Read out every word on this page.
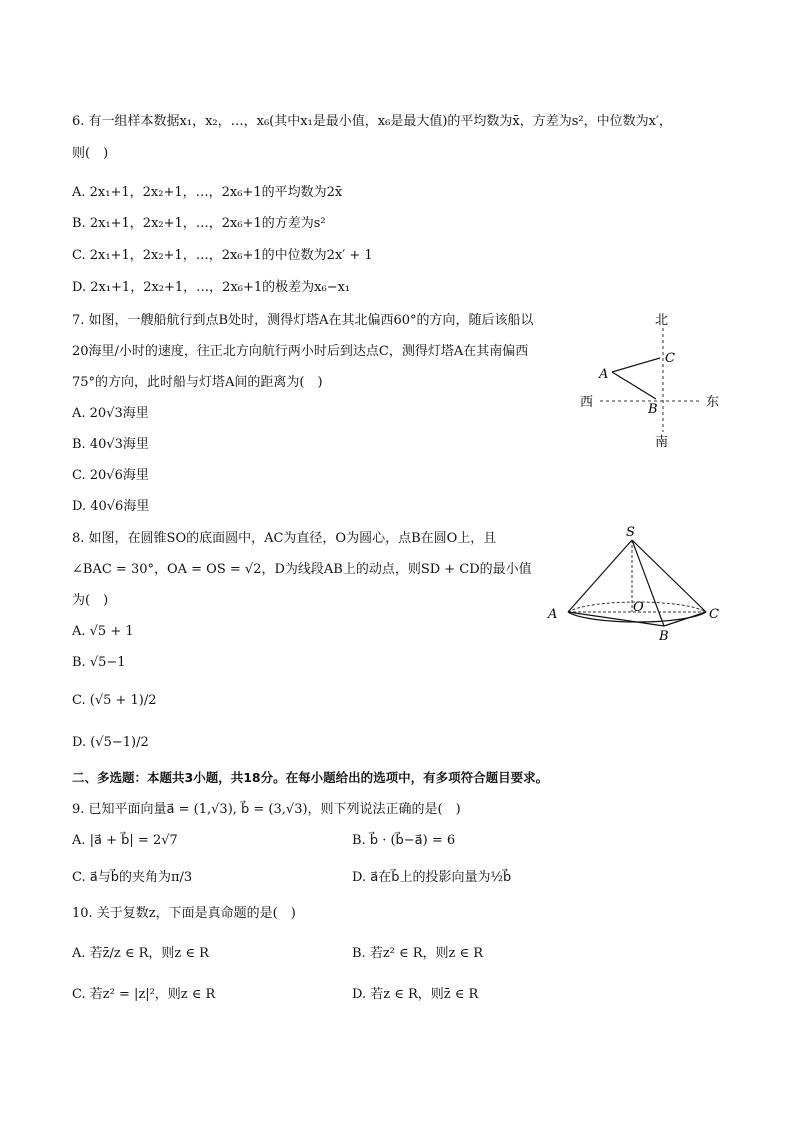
6. 有一组样本数据x₁，x₂，…，x₆(其中x₁是最小值，x₆是最大值)的平均数为x̄，方差为s²，中位数为x′，
则(　)
A. 2x₁+1，2x₂+1，…，2x₆+1的平均数为2x̄
B. 2x₁+1，2x₂+1，…，2x₆+1的方差为s²
C. 2x₁+1，2x₂+1，…，2x₆+1的中位数为2x′ + 1
D. 2x₁+1，2x₂+1，…，2x₆+1的极差为x₆−x₁
7. 如图，一艘船航行到点B处时，测得灯塔A在其北偏西60°的方向，随后该船以
20海里/小时的速度，往正北方向航行两小时后到达点C，测得灯塔A在其南偏西
75°的方向，此时船与灯塔A间的距离为(　)
A. 20√3海里
B. 40√3海里
C. 20√6海里
D. 40√6海里
北
南
西	东
A
B
C
8. 如图，在圆锥SO的底面圆中，AC为直径，O为圆心，点B在圆O上，且
∠BAC = 30°，OA = OS = √2，D为线段AB上的动点，则SD + CD的最小值
为(　)
A. √5 + 1
B. √5−1
C. (√5 + 1)/2
D. (√5−1)/2
S
O
A
B
C
二、多选题：本题共3小题，共18分。在每小题给出的选项中，有多项符合题目要求。
9. 已知平面向量a⃗ = (1,√3), b⃗ = (3,√3)，则下列说法正确的是(　)
A. |a⃗ + b⃗| = 2√7	B. b⃗ · (b⃗−a⃗) = 6
C. a⃗与b⃗的夹角为π/3	D. a⃗在b⃗上的投影向量为½b⃗
10. 关于复数z，下面是真命题的是(　)
A. 若z̄/z ∈ R，则z ∈ R	B. 若z² ∈ R，则z ∈ R
C. 若z² = |z|²，则z ∈ R	D. 若z ∈ R，则z̄ ∈ R
